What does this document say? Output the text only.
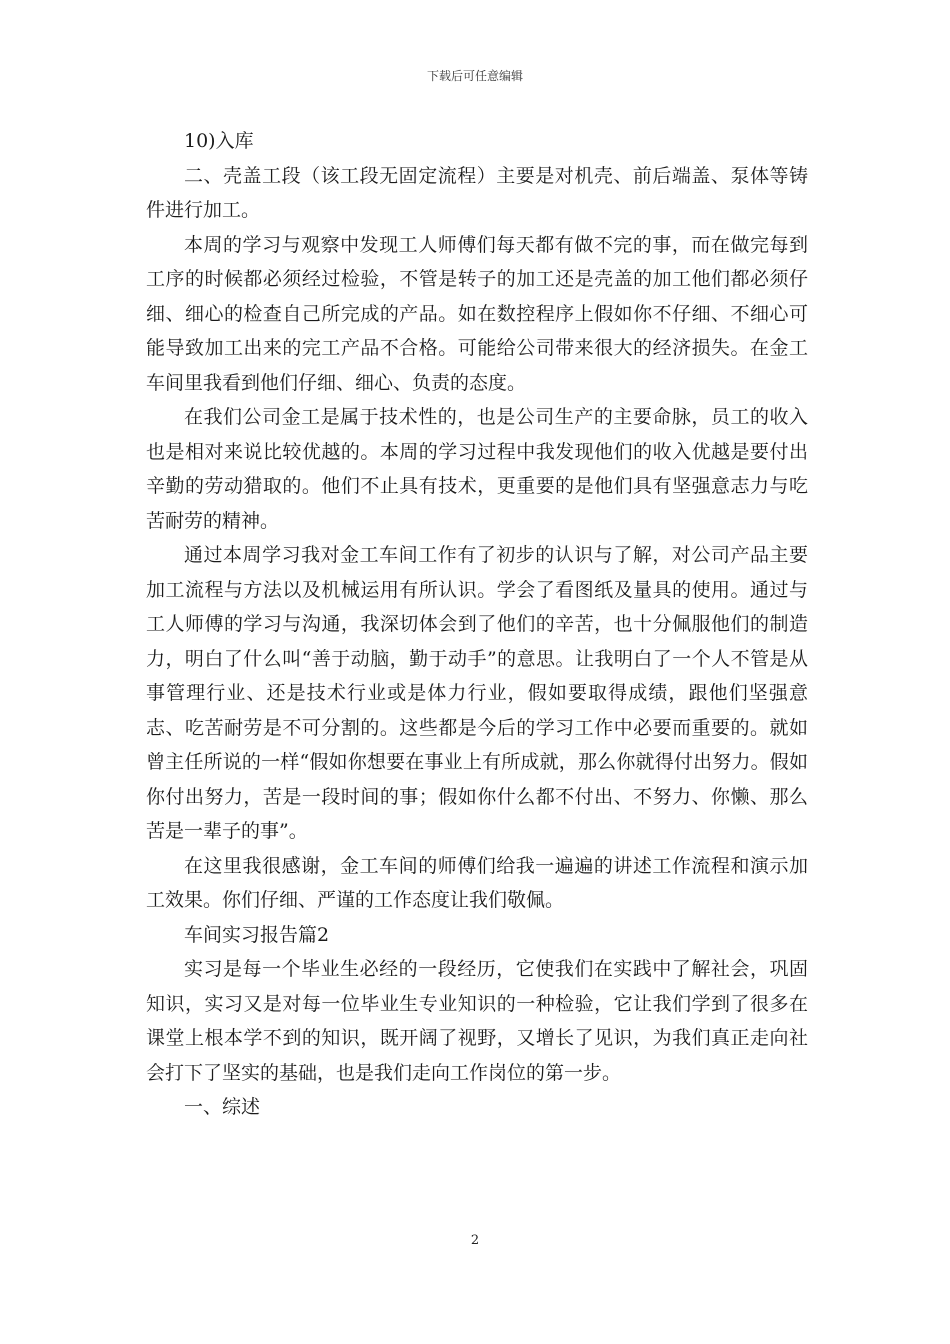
下载后可任意编辑

10)入库

二、壳盖工段（该工段无固定流程）主要是对机壳、前后端盖、泵体等铸件进行加工。

本周的学习与观察中发现工人师傅们每天都有做不完的事，而在做完每到工序的时候都必须经过检验，不管是转子的加工还是壳盖的加工他们都必须仔细、细心的检查自己所完成的产品。如在数控程序上假如你不仔细、不细心可能导致加工出来的完工产品不合格。可能给公司带来很大的经济损失。在金工车间里我看到他们仔细、细心、负责的态度。

在我们公司金工是属于技术性的，也是公司生产的主要命脉，员工的收入也是相对来说比较优越的。本周的学习过程中我发现他们的收入优越是要付出辛勤的劳动猎取的。他们不止具有技术，更重要的是他们具有坚强意志力与吃苦耐劳的精神。

通过本周学习我对金工车间工作有了初步的认识与了解，对公司产品主要加工流程与方法以及机械运用有所认识。学会了看图纸及量具的使用。通过与工人师傅的学习与沟通，我深切体会到了他们的辛苦，也十分佩服他们的制造力，明白了什么叫“善于动脑，勤于动手”的意思。让我明白了一个人不管是从事管理行业、还是技术行业或是体力行业，假如要取得成绩，跟他们坚强意志、吃苦耐劳是不可分割的。这些都是今后的学习工作中必要而重要的。就如曾主任所说的一样“假如你想要在事业上有所成就，那么你就得付出努力。假如你付出努力，苦是一段时间的事；假如你什么都不付出、不努力、你懒、那么苦是一辈子的事”。

在这里我很感谢，金工车间的师傅们给我一遍遍的讲述工作流程和演示加工效果。你们仔细、严谨的工作态度让我们敬佩。

车间实习报告篇2

实习是每一个毕业生必经的一段经历，它使我们在实践中了解社会，巩固知识，实习又是对每一位毕业生专业知识的一种检验，它让我们学到了很多在课堂上根本学不到的知识，既开阔了视野，又增长了见识，为我们真正走向社会打下了坚实的基础，也是我们走向工作岗位的第一步。

一、综述

2
